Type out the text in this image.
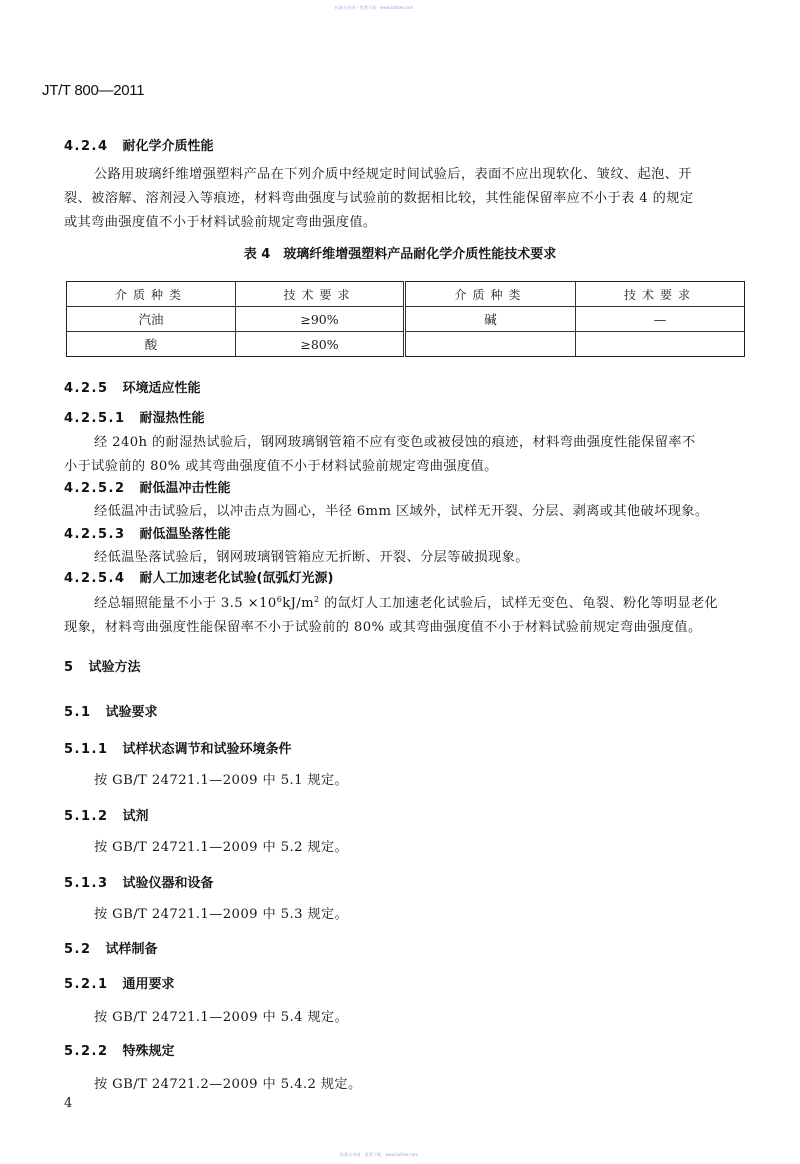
标准分享网 · 免费下载 · www.bzfxw.com
JT/T 800—2011
4.2.4 耐化学介质性能
公路用玻璃纤维增强塑料产品在下列介质中经规定时间试验后，表面不应出现软化、皱纹、起泡、开
裂、被溶解、溶剂浸入等痕迹，材料弯曲强度与试验前的数据相比较，其性能保留率应不小于表 4 的规定
或其弯曲强度值不小于材料试验前规定弯曲强度值。
表 4　玻璃纤维增强塑料产品耐化学介质性能技术要求
介质种类	技术要求	介质种类	技术要求
汽油	≥90%	碱	—
酸	≥80%		
4.2.5 环境适应性能
4.2.5.1 耐湿热性能
经 240h 的耐湿热试验后，钢网玻璃钢管箱不应有变色或被侵蚀的痕迹，材料弯曲强度性能保留率不
小于试验前的 80% 或其弯曲强度值不小于材料试验前规定弯曲强度值。
4.2.5.2 耐低温冲击性能
经低温冲击试验后，以冲击点为圆心，半径 6mm 区域外，试样无开裂、分层、剥离或其他破坏现象。
4.2.5.3 耐低温坠落性能
经低温坠落试验后，钢网玻璃钢管箱应无折断、开裂、分层等破损现象。
4.2.5.4 耐人工加速老化试验(氙弧灯光源)
经总辐照能量不小于 $3.5 \times 10^6kJ/m^2$ 的氙灯人工加速老化试验后，试样无变色、龟裂、粉化等明显老化
现象，材料弯曲强度性能保留率不小于试验前的 80% 或其弯曲强度值不小于材料试验前规定弯曲强度值。
5 试验方法
5.1 试验要求
5.1.1 试样状态调节和试验环境条件
按 GB/T 24721.1—2009 中 5.1 规定。
5.1.2 试剂
按 GB/T 24721.1—2009 中 5.2 规定。
5.1.3 试验仪器和设备
按 GB/T 24721.1—2009 中 5.3 规定。
5.2 试样制备
5.2.1 通用要求
按 GB/T 24721.1—2009 中 5.4 规定。
5.2.2 特殊规定
按 GB/T 24721.2—2009 中 5.4.2 规定。
4
标准分享网 · 免费下载 · www.bzfxw.com
